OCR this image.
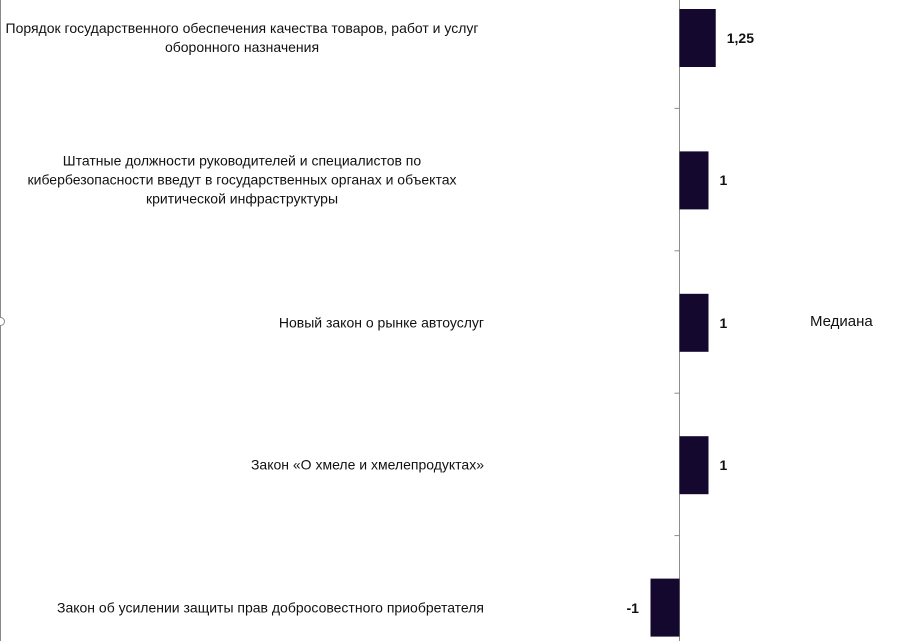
Порядок государственного обеспечения качества товаров, работ и услуг оборонного назначения
1,25
Штатные должности руководителей и специалистов по кибербезопасности введут в государственных органах и объектах критической инфраструктуры
1
Новый закон о рынке автоуслуг	1
Закон «О хмеле и хмелепродуктах»	1
Закон об усилении защиты прав добросовестного приобретателя	-1
Медиана
